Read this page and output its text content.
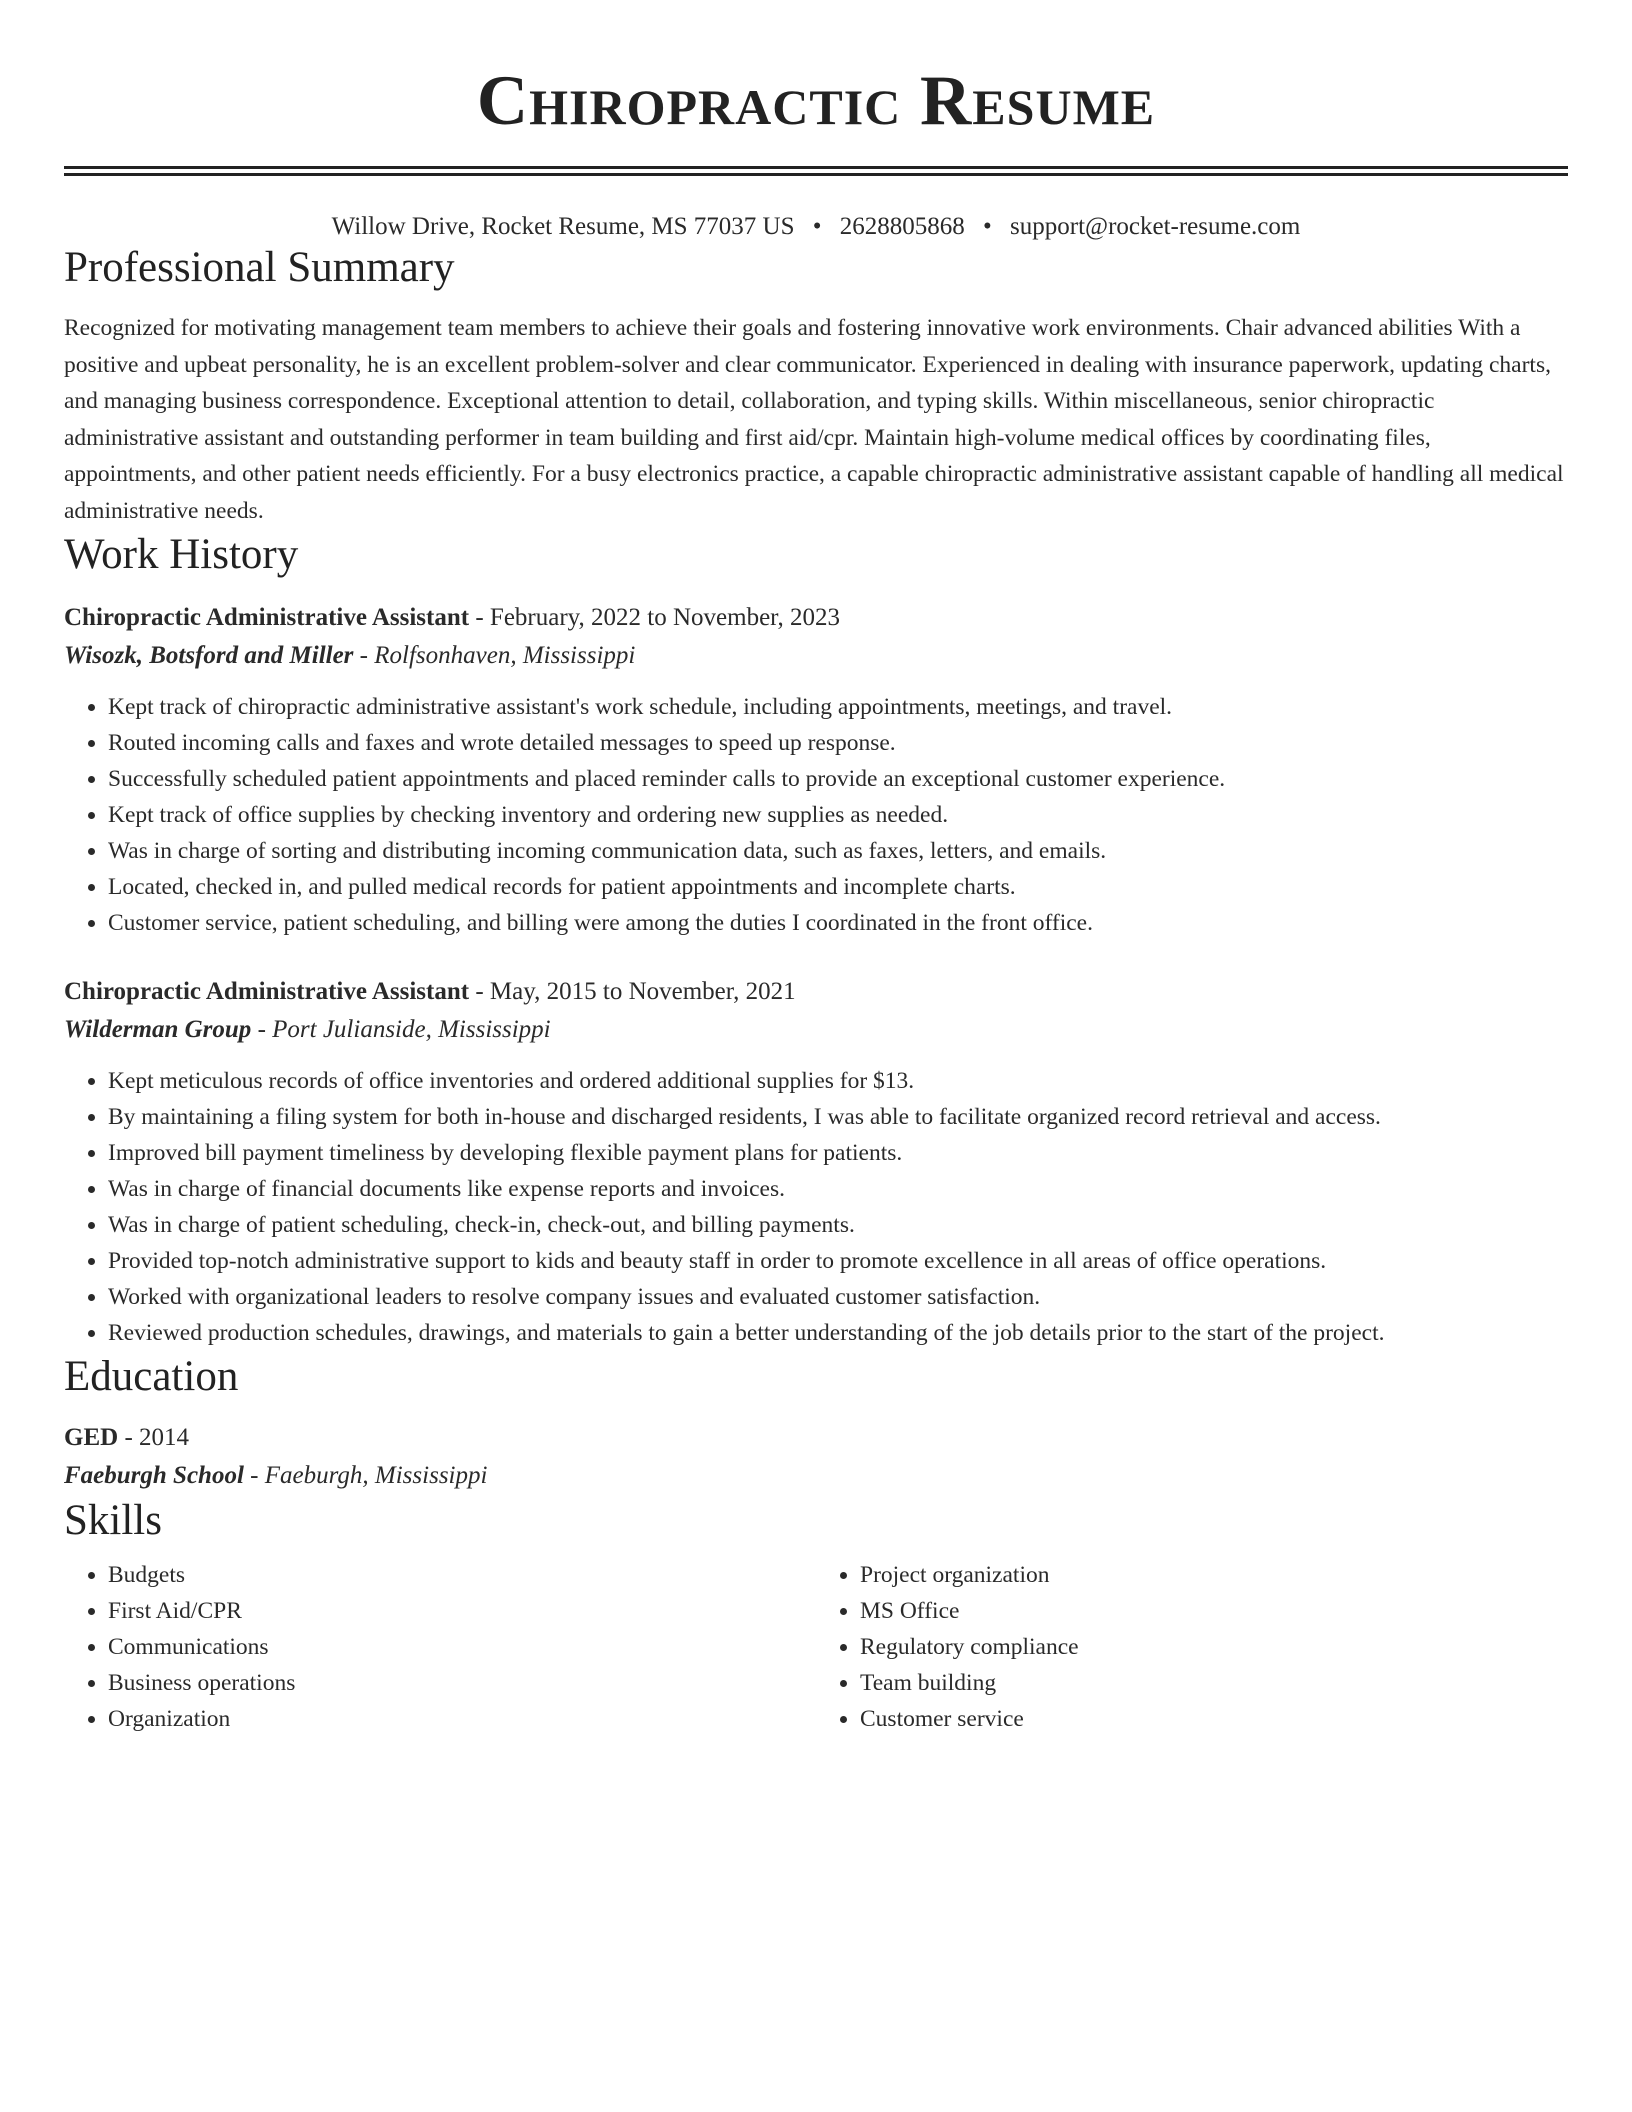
Chiropractic Resume
Willow Drive, Rocket Resume, MS 77037 US • 2628805868 • support@rocket-resume.com
Professional Summary

Recognized for motivating management team members to achieve their goals and fostering innovative work environments. Chair advanced abilities With a positive and upbeat personality, he is an excellent problem-solver and clear communicator. Experienced in dealing with insurance paperwork, updating charts, and managing business correspondence. Exceptional attention to detail, collaboration, and typing skills. Within miscellaneous, senior chiropractic administrative assistant and outstanding performer in team building and first aid/cpr. Maintain high-volume medical offices by coordinating files, appointments, and other patient needs efficiently. For a busy electronics practice, a capable chiropractic administrative assistant capable of handling all medical administrative needs.

Work History
Chiropractic Administrative Assistant - February, 2022 to November, 2023
Wisozk, Botsford and Miller - Rolfsonhaven, Mississippi
• Kept track of chiropractic administrative assistant's work schedule, including appointments, meetings, and travel.
• Routed incoming calls and faxes and wrote detailed messages to speed up response.
• Successfully scheduled patient appointments and placed reminder calls to provide an exceptional customer experience.
• Kept track of office supplies by checking inventory and ordering new supplies as needed.
• Was in charge of sorting and distributing incoming communication data, such as faxes, letters, and emails.
• Located, checked in, and pulled medical records for patient appointments and incomplete charts.
• Customer service, patient scheduling, and billing were among the duties I coordinated in the front office.
Chiropractic Administrative Assistant - May, 2015 to November, 2021
Wilderman Group - Port Julianside, Mississippi
• Kept meticulous records of office inventories and ordered additional supplies for $13.
• By maintaining a filing system for both in-house and discharged residents, I was able to facilitate organized record retrieval and access.
• Improved bill payment timeliness by developing flexible payment plans for patients.
• Was in charge of financial documents like expense reports and invoices.
• Was in charge of patient scheduling, check-in, check-out, and billing payments.
• Provided top-notch administrative support to kids and beauty staff in order to promote excellence in all areas of office operations.
• Worked with organizational leaders to resolve company issues and evaluated customer satisfaction.
• Reviewed production schedules, drawings, and materials to gain a better understanding of the job details prior to the start of the project.
Education
GED - 2014
Faeburgh School - Faeburgh, Mississippi
Skills
• Budgets
• First Aid/CPR
• Communications
• Business operations
• Organization
• Project organization
• MS Office
• Regulatory compliance
• Team building
• Customer service
